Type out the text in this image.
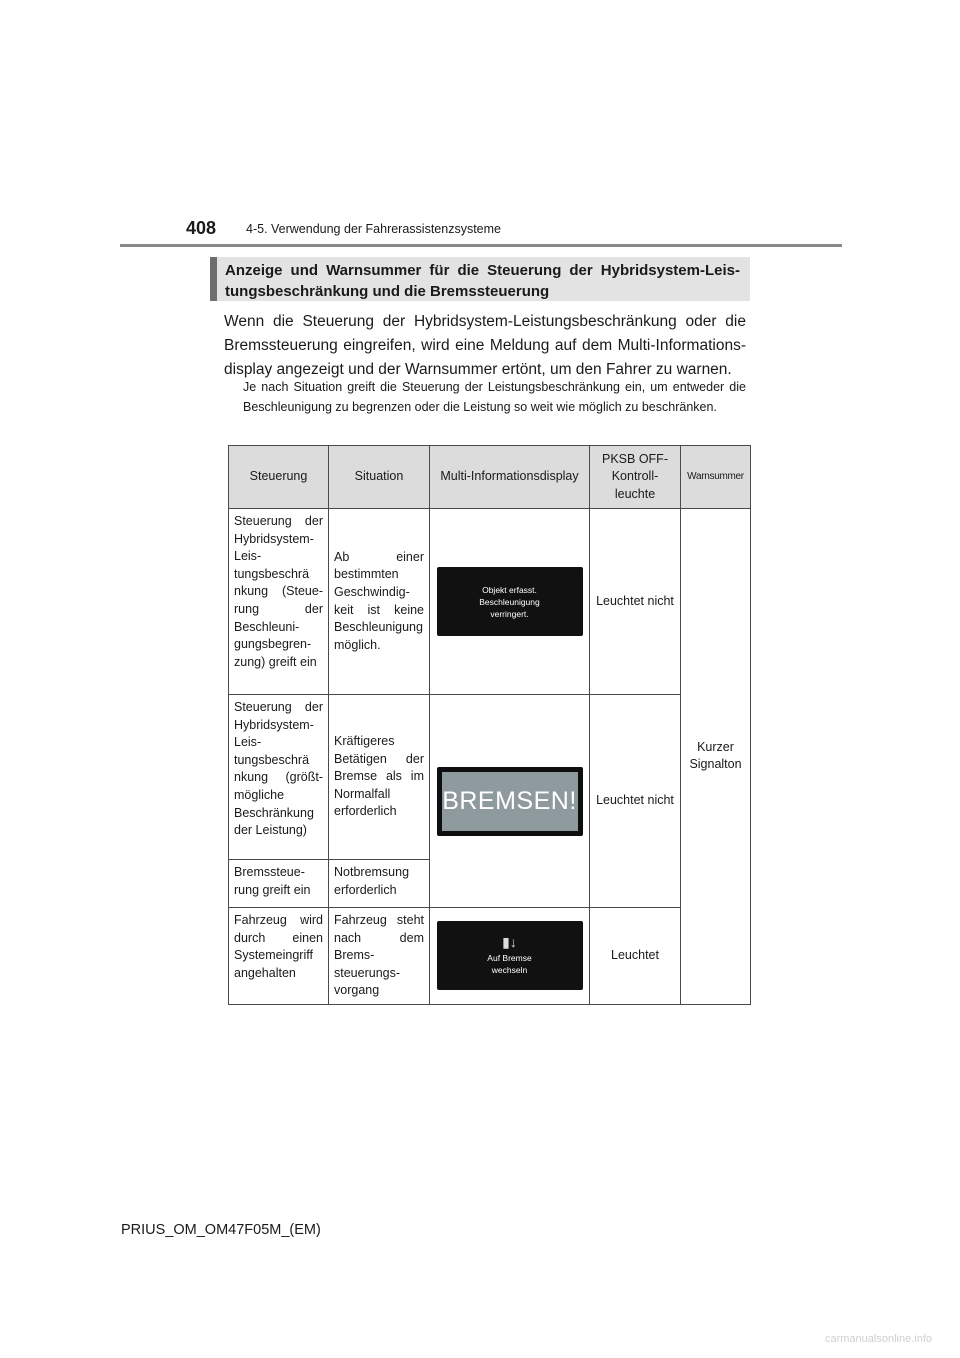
408 4-5. Verwendung der Fahrerassistenzsysteme
Anzeige und Warnsummer für die Steuerung der Hybridsystem-Leistungsbeschränkung und die Bremssteuerung
Wenn die Steuerung der Hybridsystem-Leistungsbeschränkung oder die Bremssteuerung eingreifen, wird eine Meldung auf dem Multi-Informationsdisplay angezeigt und der Warnsummer ertönt, um den Fahrer zu warnen.
Je nach Situation greift die Steuerung der Leistungsbeschränkung ein, um entweder die Beschleunigung zu begrenzen oder die Leistung so weit wie möglich zu beschränken.
Steuerung	Situation	Multi-Informationsdisplay	PKSB OFF-Kontrollleuchte	Warnsummer
Steuerung der Hybridsystem-Leistungsbeschrä nkung (Steuerung der Beschleunigungsbegrenzung) greift ein	Ab einer bestimmten Geschwindigkeit ist keine Beschleunigung möglich.	Objekt erfasst.
Beschleunigung
verringert.	Leuchtet nicht	Kurzer Signalton
Steuerung der Hybridsystem-Leistungsbeschrä nkung (größtmögliche Beschränkung der Leistung)	Kräftigeres Betätigen der Bremse als im Normalfall erforderlich	BREMSEN!	Leuchtet nicht	
Bremssteuerung greift ein	Notbremsung erforderlich			
Fahrzeug wird durch einen Systemeingriff angehalten	Fahrzeug steht nach dem Bremssteuerungsvorgang	▮↓
Auf Bremse
wechseln	Leuchtet	
PRIUS_OM_OM47F05M_(EM)
carmanualsonline.info
